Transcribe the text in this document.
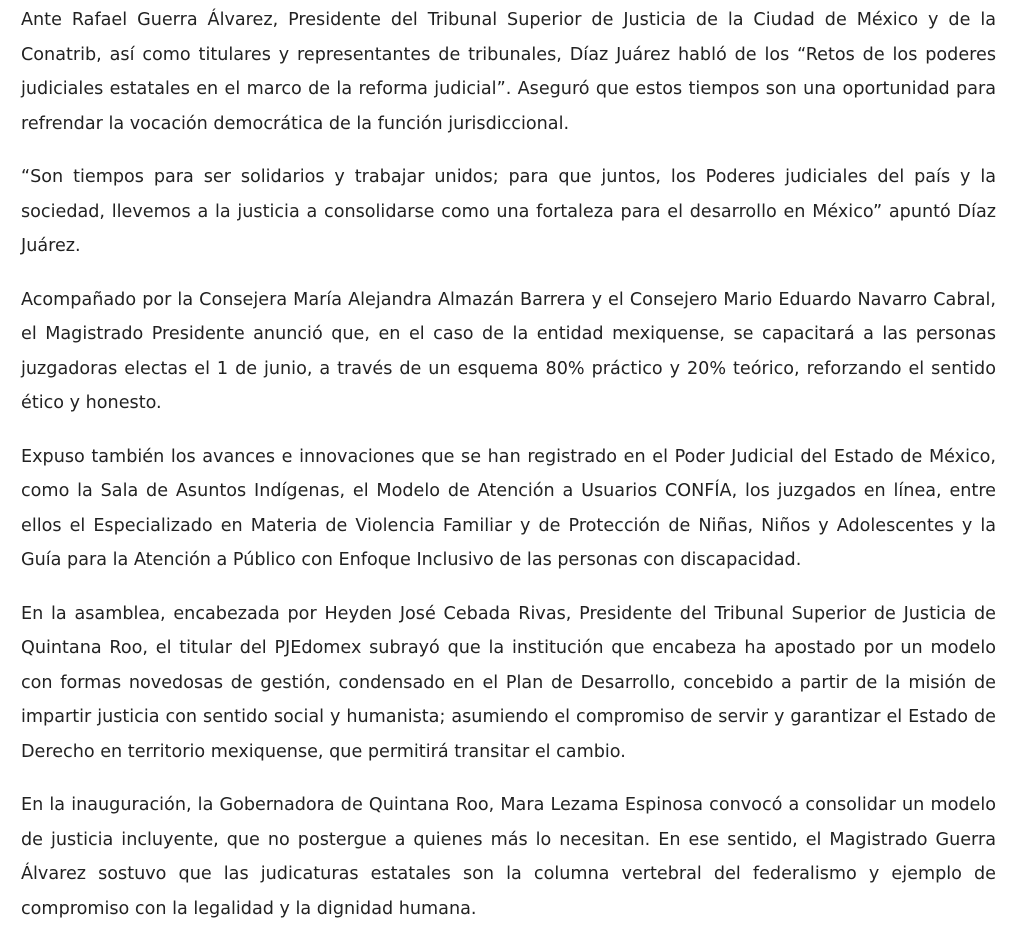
Ante Rafael Guerra Álvarez, Presidente del Tribunal Superior de Justicia de la Ciudad de México y de la Conatrib, así como titulares y representantes de tribunales, Díaz Juárez habló de los “Retos de los poderes judiciales estatales en el marco de la reforma judicial”. Aseguró que estos tiempos son una oportunidad para refrendar la vocación democrática de la función jurisdiccional.

“Son tiempos para ser solidarios y trabajar unidos; para que juntos, los Poderes judiciales del país y la sociedad, llevemos a la justicia a consolidarse como una fortaleza para el desarrollo en México” apuntó Díaz Juárez.

Acompañado por la Consejera María Alejandra Almazán Barrera y el Consejero Mario Eduardo Navarro Cabral, el Magistrado Presidente anunció que, en el caso de la entidad mexiquense, se capacitará a las personas juzgadoras electas el 1 de junio, a través de un esquema 80% práctico y 20% teórico, reforzando el sentido ético y honesto.

Expuso también los avances e innovaciones que se han registrado en el Poder Judicial del Estado de México, como la Sala de Asuntos Indígenas, el Modelo de Atención a Usuarios CONFÍA, los juzgados en línea, entre ellos el Especializado en Materia de Violencia Familiar y de Protección de Niñas, Niños y Adolescentes y la Guía para la Atención a Público con Enfoque Inclusivo de las personas con discapacidad.

En la asamblea, encabezada por Heyden José Cebada Rivas, Presidente del Tribunal Superior de Justicia de Quintana Roo, el titular del PJEdomex subrayó que la institución que encabeza ha apostado por un modelo con formas novedosas de gestión, condensado en el Plan de Desarrollo, concebido a partir de la misión de impartir justicia con sentido social y humanista; asumiendo el compromiso de servir y garantizar el Estado de Derecho en territorio mexiquense, que permitirá transitar el cambio.

En la inauguración, la Gobernadora de Quintana Roo, Mara Lezama Espinosa convocó a consolidar un modelo de justicia incluyente, que no postergue a quienes más lo necesitan. En ese sentido, el Magistrado Guerra Álvarez sostuvo que las judicaturas estatales son la columna vertebral del federalismo y ejemplo de compromiso con la legalidad y la dignidad humana.
